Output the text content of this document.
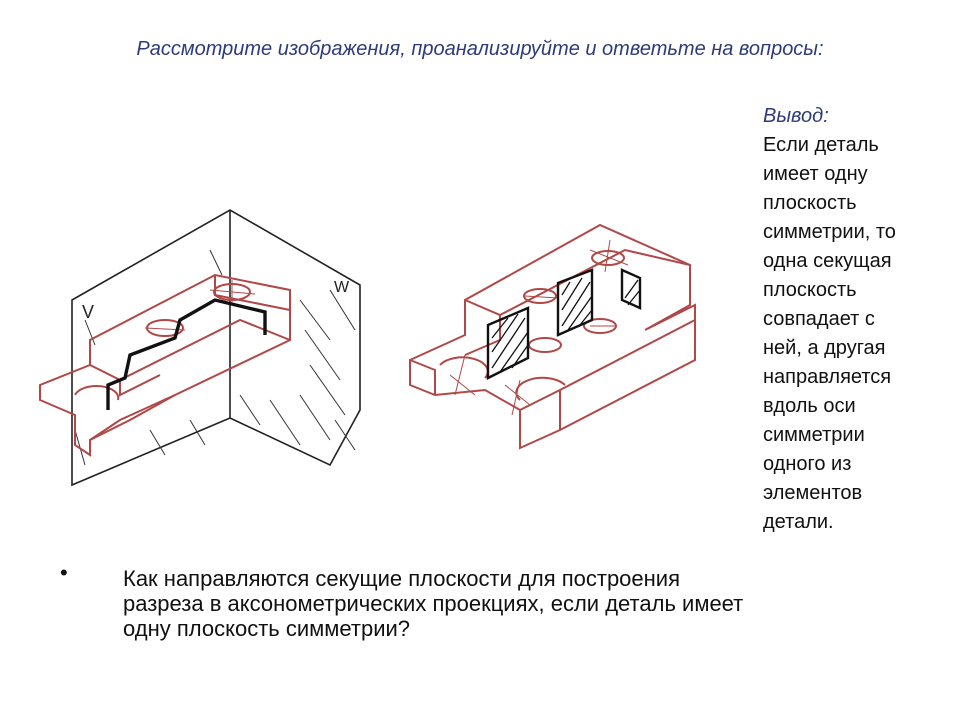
Рассмотрите изображения, проанализируйте и ответьте на вопросы:
V
W
Вывод:
Если деталь
имеет одну
плоскость
симметрии, то
одна секущая
плоскость
совпадает с
ней, а другая
направляется
вдоль оси
симметрии
одного из
элементов
детали.
•	Как направляются секущие плоскости для построения
разреза в аксонометрических проекциях, если деталь имеет
одну плоскость симметрии?
